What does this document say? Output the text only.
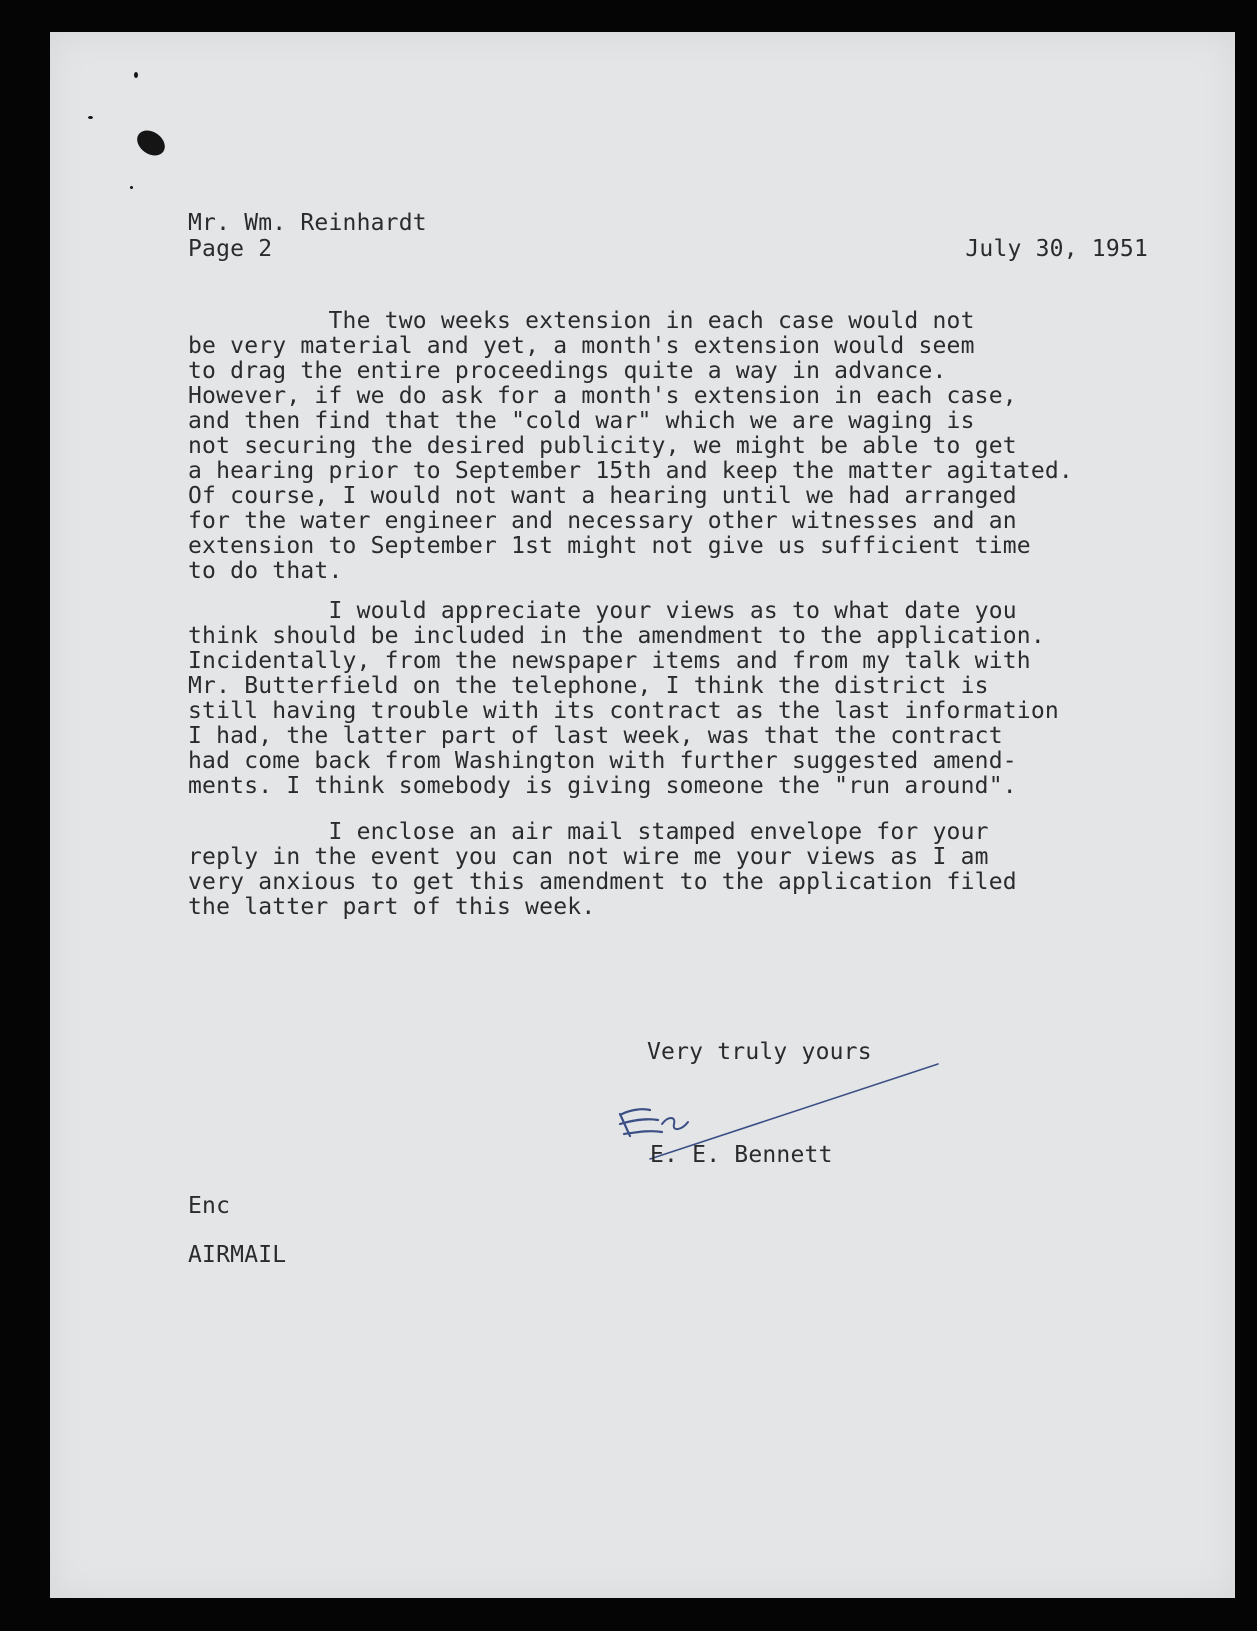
Mr. Wm. Reinhardt

Page 2

	July 30, 1951

The two weeks extension in each case would not

be very material and yet, a month's extension would seem

to drag the entire proceedings quite a way in advance.

However, if we do ask for a month's extension in each case,

and then find that the "cold war" which we are waging is

not securing the desired publicity, we might be able to get

a hearing prior to September 15th and keep the matter agitated.

Of course, I would not want a hearing until we had arranged

for the water engineer and necessary other witnesses and an

extension to September 1st might not give us sufficient time

to do that.

I would appreciate your views as to what date you

think should be included in the amendment to the application.

Incidentally, from the newspaper items and from my talk with

Mr. Butterfield on the telephone, I think the district is

still having trouble with its contract as the last information

I had, the latter part of last week, was that the contract

had come back from Washington with further suggested amend-

ments. I think somebody is giving someone the "run around".

I enclose an air mail stamped envelope for your

reply in the event you can not wire me your views as I am

very anxious to get this amendment to the application filed

the latter part of this week.

Very truly yours
E. E. Bennett
Enc
AIRMAIL
